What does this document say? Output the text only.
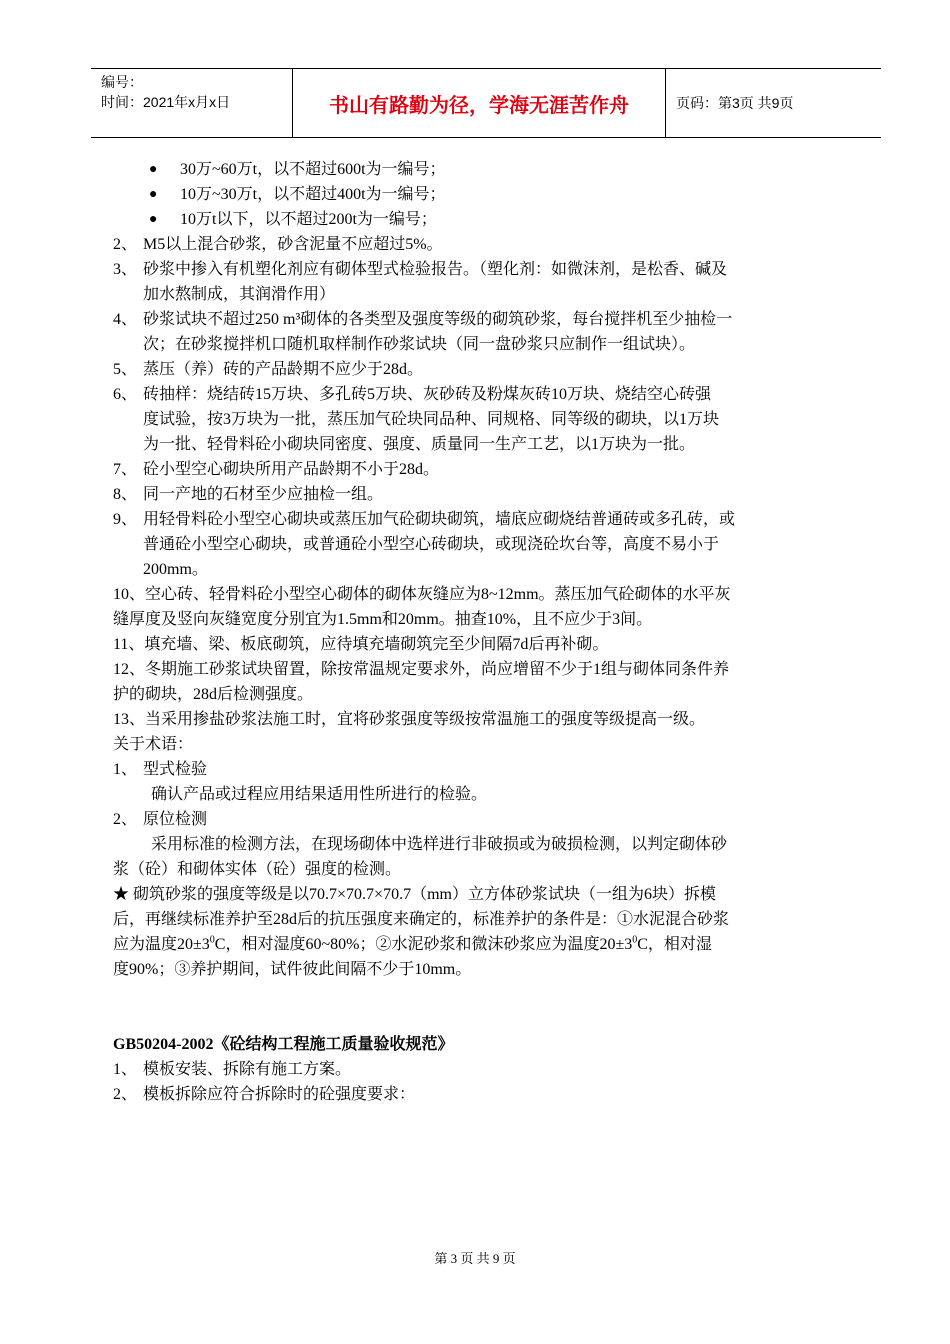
编号：
时间：2021年x月x日	书山有路勤为径，学海无涯苦作舟	页码：第3页 共9页
● 30万~60万t，以不超过600t为一编号；
● 10万~30万t，以不超过400t为一编号；
● 10万t以下，以不超过200t为一编号；
2、 M5以上混合砂浆，砂含泥量不应超过5%。
3、 砂浆中掺入有机塑化剂应有砌体型式检验报告。（塑化剂：如微沫剂，是松香、碱及
加水熬制成，其润滑作用）
4、 砂浆试块不超过250 m³砌体的各类型及强度等级的砌筑砂浆，每台搅拌机至少抽检一
次；在砂浆搅拌机口随机取样制作砂浆试块（同一盘砂浆只应制作一组试块）。
5、 蒸压（养）砖的产品龄期不应少于28d。
6、 砖抽样：烧结砖15万块、多孔砖5万块、灰砂砖及粉煤灰砖10万块、烧结空心砖强
度试验，按3万块为一批，蒸压加气砼块同品种、同规格、同等级的砌块，以1万块
为一批、轻骨料砼小砌块同密度、强度、质量同一生产工艺，以1万块为一批。
7、 砼小型空心砌块所用产品龄期不小于28d。
8、 同一产地的石材至少应抽检一组。
9、 用轻骨料砼小型空心砌块或蒸压加气砼砌块砌筑，墙底应砌烧结普通砖或多孔砖，或
普通砼小型空心砌块，或普通砼小型空心砖砌块，或现浇砼坎台等，高度不易小于
200mm。
10、空心砖、轻骨料砼小型空心砌体的砌体灰缝应为8~12mm。蒸压加气砼砌体的水平灰
缝厚度及竖向灰缝宽度分别宜为1.5mm和20mm。抽查10%，且不应少于3间。
11、填充墙、梁、板底砌筑，应待填充墙砌筑完至少间隔7d后再补砌。
12、冬期施工砂浆试块留置，除按常温规定要求外，尚应增留不少于1组与砌体同条件养
护的砌块，28d后检测强度。
13、当采用掺盐砂浆法施工时，宜将砂浆强度等级按常温施工的强度等级提高一级。
关于术语：
1、 型式检验
确认产品或过程应用结果适用性所进行的检验。
2、 原位检测
采用标准的检测方法，在现场砌体中选样进行非破损或为破损检测，以判定砌体砂
浆（砼）和砌体实体（砼）强度的检测。
★ 砌筑砂浆的强度等级是以70.7×70.7×70.7（mm）立方体砂浆试块（一组为6块）拆模
后，再继续标准养护至28d后的抗压强度来确定的，标准养护的条件是：①水泥混合砂浆
应为温度$20\pm 3^0C$，相对湿度60~80%；②水泥砂浆和微沫砂浆应为温度$20\pm 3^0C$，相对湿
度90%；③养护期间，试件彼此间隔不少于10mm。
GB50204-2002《砼结构工程施工质量验收规范》
1、 模板安装、拆除有施工方案。
2、 模板拆除应符合拆除时的砼强度要求：
第 3 页 共 9 页
